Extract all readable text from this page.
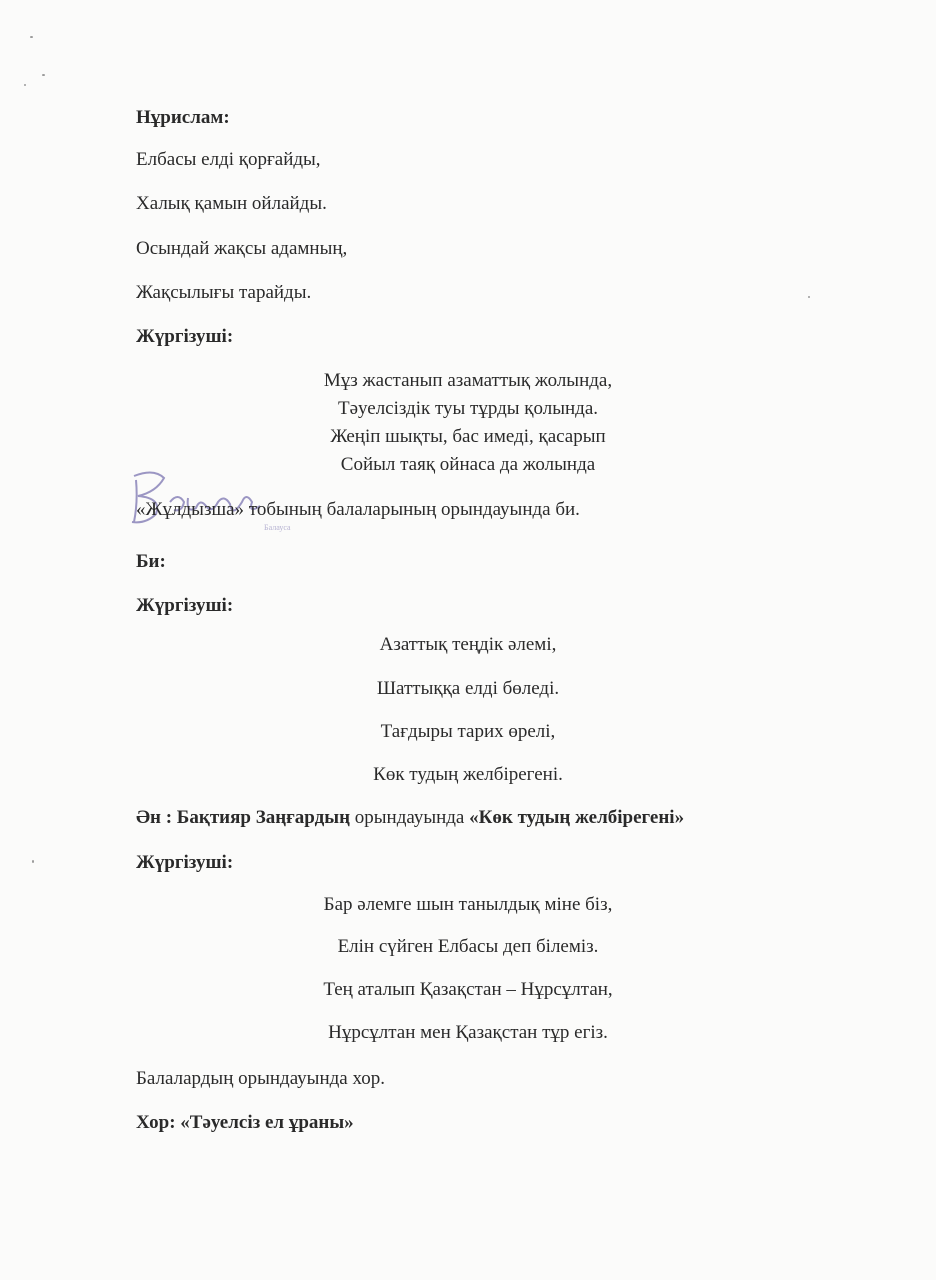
Нұрислам:
Елбасы елді қорғайды,
Халық қамын ойлайды.
Осындай жақсы адамның,
Жақсылығы тарайды.
Жүргізуші:
Мұз жастанып азаматтық жолында,
Тәуелсіздік туы тұрды қолында.
Жеңіп шықты, бас имеді, қасарып
Сойыл таяқ ойнаса да жолында
Балауса
«Жұлдызша» тобының балаларының орындауында би.
Би:
Жүргізуші:
Азаттық теңдік әлемі,
Шаттыққа елді бөледі.
Тағдыры тарих өрелі,
Көк тудың желбірегені.
Ән : Бақтияр Заңғардың орындауында «Көк тудың желбірегені»
Жүргізуші:
Бар әлемге шын танылдық міне біз,
Елін сүйген Елбасы деп білеміз.
Тең аталып Қазақстан – Нұрсұлтан,
Нұрсұлтан мен Қазақстан тұр егіз.
Балалардың орындауында хор.
Хор: «Тәуелсіз ел ұраны»
